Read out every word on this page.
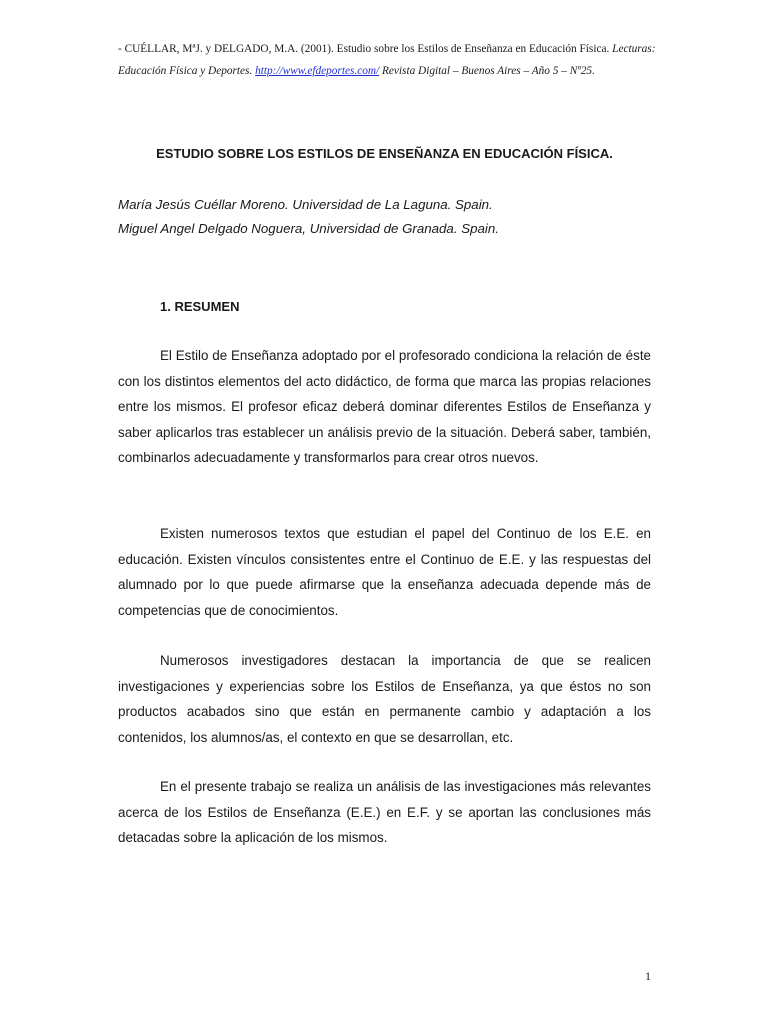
- CUÉLLAR, MªJ. y DELGADO, M.A. (2001). Estudio sobre los Estilos de Enseñanza en Educación Física. Lecturas:
Educación Física y Deportes. http://www.efdeportes.com/ Revista Digital – Buenos Aires – Año 5 – Nº25.
ESTUDIO SOBRE LOS ESTILOS DE ENSEÑANZA EN EDUCACIÓN FÍSICA.
María Jesús Cuéllar Moreno. Universidad de La Laguna. Spain.
Miguel Angel Delgado Noguera, Universidad de Granada. Spain.
1. RESUMEN

El Estilo de Enseñanza adoptado por el profesorado condiciona la relación de éste con los distintos elementos del acto didáctico, de forma que marca las propias relaciones entre los mismos. El profesor eficaz deberá dominar diferentes Estilos de Enseñanza y saber aplicarlos tras establecer un análisis previo de la situación. Deberá saber, también, combinarlos adecuadamente y transformarlos para crear otros nuevos.

Existen numerosos textos que estudian el papel del Continuo de los E.E. en educación. Existen vínculos consistentes entre el Continuo de E.E. y las respuestas del alumnado por lo que puede afirmarse que la enseñanza adecuada depende más de competencias que de conocimientos.

Numerosos investigadores destacan la importancia de que se realicen investigaciones y experiencias sobre los Estilos de Enseñanza, ya que éstos no son productos acabados sino que están en permanente cambio y adaptación a los contenidos, los alumnos/as, el contexto en que se desarrollan, etc.

En el presente trabajo se realiza un análisis de las investigaciones más relevantes acerca de los Estilos de Enseñanza (E.E.) en E.F. y se aportan las conclusiones más detacadas sobre la aplicación de los mismos.

1
